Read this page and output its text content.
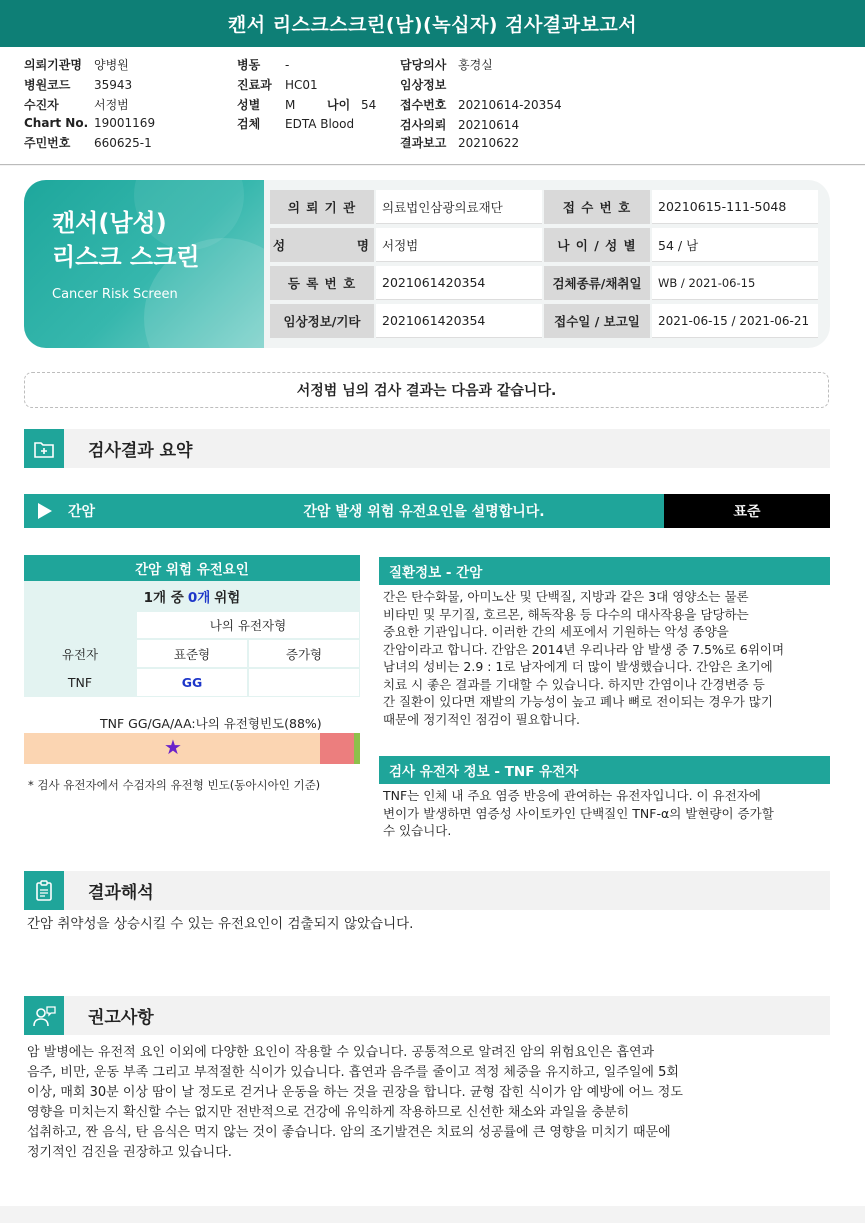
캔서 리스크스크린(남)(녹십자) 검사결과보고서
의뢰기관명 양병원
병원코드 35943
수진자	서정범
Chart No. 19001169
주민번호 660625-1
병동 -
진료과 HC01
성별 M	나이 54
검체 EDTA Blood
담당의사 홍경실
임상정보
접수번호 20210614-20354
검사의뢰 20210614
결과보고 20210622
캔서(남성)
리스크 스크린
Cancer Risk Screen
의 뢰 기 관	의료법인삼광의료재단	접 수 번 호	20210615-111-5048
성           명 서정범	나 이 / 성 별	54 / 남
등 록 번 호	2021061420354	검체종류/채취일	WB / 2021-06-15
임상정보/기타	2021061420354	접수일 / 보고일	2021-06-15 / 2021-06-21
서정범 님의 검사 결과는 다음과 같습니다.
검사결과 요약
간암	간암 발생 위험 유전요인을 설명합니다.	표준
간암 위험 유전요인
1개 중 0개 위험
나의 유전자형
유전자	표준형	증가형
TNF	GG
TNF GG/GA/AA:나의 유전형빈도(88%)
★
* 검사 유전자에서 수검자의 유전형 빈도(동아시아인 기준)
질환정보 - 간암
간은 탄수화물, 아미노산 및 단백질, 지방과 같은 3대 영양소는 물론
비타민 및 무기질, 호르몬, 해독작용 등 다수의 대사작용을 담당하는
중요한 기관입니다. 이러한 간의 세포에서 기원하는 악성 종양을
간암이라고 합니다. 간암은 2014년 우리나라 암 발생 중 7.5%로 6위이며
남녀의 성비는 2.9 : 1로 남자에게 더 많이 발생했습니다. 간암은 초기에
치료 시 좋은 결과를 기대할 수 있습니다. 하지만 간염이나 간경변증 등
간 질환이 있다면 재발의 가능성이 높고 폐나 뼈로 전이되는 경우가 많기
때문에 정기적인 점검이 필요합니다.
검사 유전자 정보 - TNF 유전자
TNF는 인체 내 주요 염증 반응에 관여하는 유전자입니다. 이 유전자에
변이가 발생하면 염증성 사이토카인 단백질인 TNF-α의 발현량이 증가할
수 있습니다.
결과해석
간암 취약성을 상승시킬 수 있는 유전요인이 검출되지 않았습니다.
권고사항
암 발병에는 유전적 요인 이외에 다양한 요인이 작용할 수 있습니다. 공통적으로 알려진 암의 위험요인은 흡연과
음주, 비만, 운동 부족 그리고 부적절한 식이가 있습니다. 흡연과 음주를 줄이고 적정 체중을 유지하고, 일주일에 5회
이상, 매회 30분 이상 땀이 날 정도로 걷거나 운동을 하는 것을 권장을 합니다. 균형 잡힌 식이가 암 예방에 어느 정도
영향을 미치는지 확신할 수는 없지만 전반적으로 건강에 유익하게 작용하므로 신선한 채소와 과일을 충분히
섭취하고, 짠 음식, 탄 음식은 먹지 않는 것이 좋습니다. 암의 조기발견은 치료의 성공률에 큰 영향을 미치기 때문에
정기적인 검진을 권장하고 있습니다.
